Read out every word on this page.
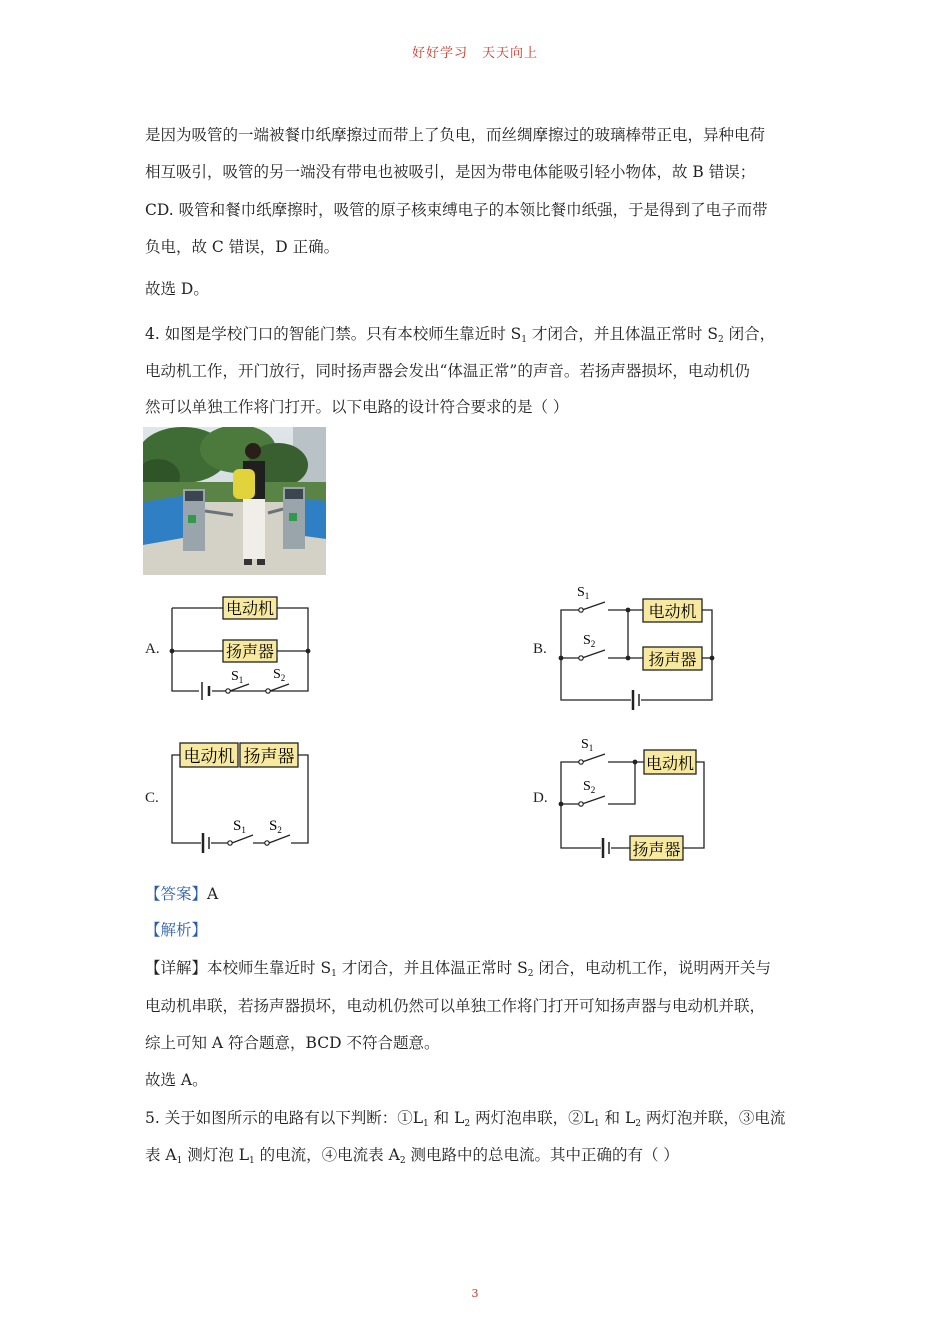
好好学习 天天向上
是因为吸管的一端被餐巾纸摩擦过而带上了负电，而丝绸摩擦过的玻璃棒带正电，异种电荷
相互吸引，吸管的另一端没有带电也被吸引，是因为带电体能吸引轻小物体，故 B 错误；
CD. 吸管和餐巾纸摩擦时，吸管的原子核束缚电子的本领比餐巾纸强，于是得到了电子而带
负电，故 C 错误，D 正确。
故选 D。
4. 如图是学校门口的智能门禁。只有本校师生靠近时 $S_1$ 才闭合，并且体温正常时 $S_2$ 闭合，
电动机工作，开门放行，同时扬声器会发出“体温正常”的声音。若扬声器损坏，电动机仍
然可以单独工作将门打开。以下电路的设计符合要求的是（ ）
A.	B.
C.	D.
电动机
扬声器
$S_1$ $S_2$
电动机
扬声器
$S_1$
$S_2$
电动机 扬声器
$S_1$ $S_2$
电动机
扬声器
$S_1$
$S_2$
【答案】A
【解析】
【详解】本校师生靠近时 $S_1$ 才闭合，并且体温正常时 $S_2$ 闭合，电动机工作，说明两开关与
电动机串联，若扬声器损坏，电动机仍然可以单独工作将门打开可知扬声器与电动机并联，
综上可知 A 符合题意，BCD 不符合题意。
故选 A。
5. 关于如图所示的电路有以下判断：$①L_1$ 和 $L_2$ 两灯泡串联，$②L_1$ 和 $L_2$ 两灯泡并联，③电流
表 $A_1$ 测灯泡 $L_1$ 的电流，④电流表 $A_2$ 测电路中的总电流。其中正确的有（ ）
3
